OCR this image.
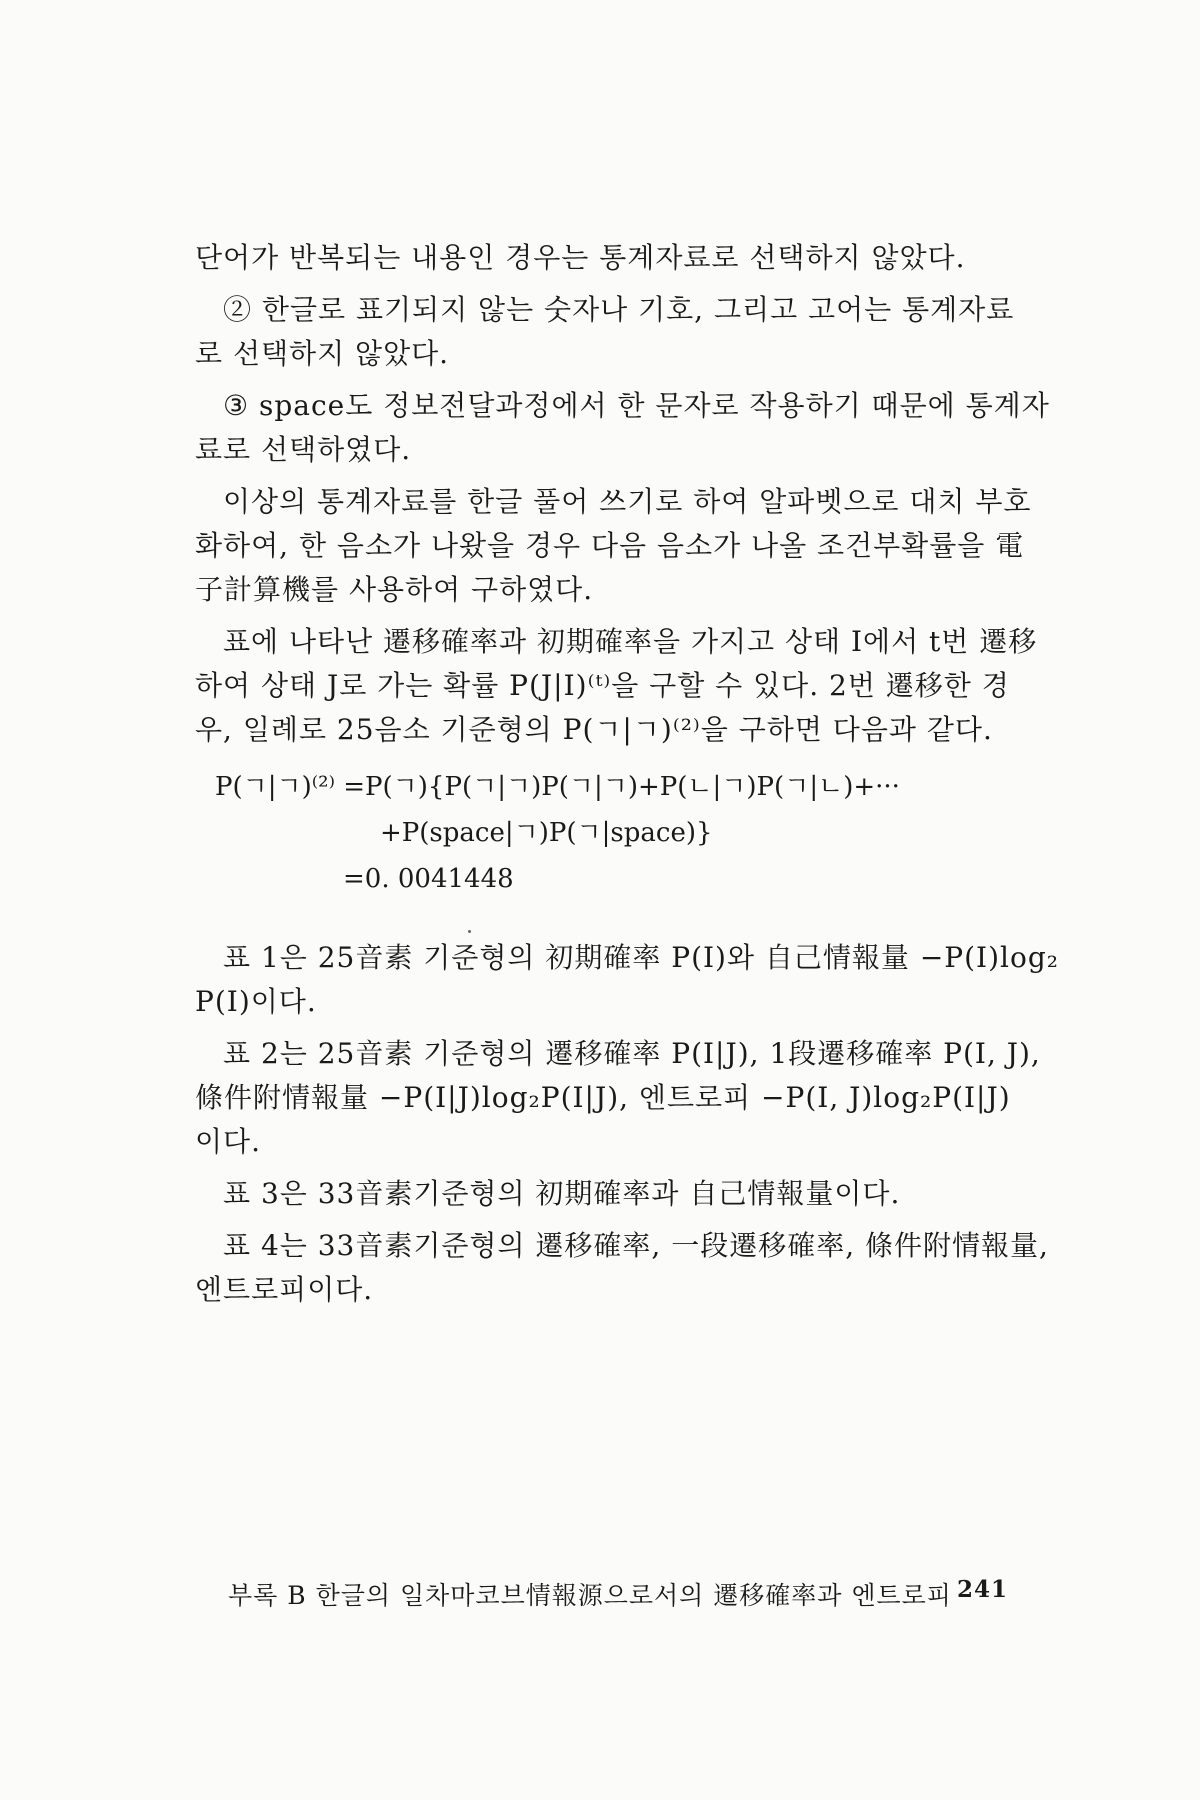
단어가 반복되는 내용인 경우는 통계자료로 선택하지 않았다.
② 한글로 표기되지 않는 숫자나 기호, 그리고 고어는 통계자료
로 선택하지 않았다.
③ space도 정보전달과정에서 한 문자로 작용하기 때문에 통계자
료로 선택하였다.
이상의 통계자료를 한글 풀어 쓰기로 하여 알파벳으로 대치 부호
화하여, 한 음소가 나왔을 경우 다음 음소가 나올 조건부확률을 電
子計算機를 사용하여 구하였다.
표에 나타난 遷移確率과 初期確率을 가지고 상태 I에서 t번 遷移
하여 상태 J로 가는 확률 P(J|I)⁽ᵗ⁾을 구할 수 있다. 2번 遷移한 경
우, 일례로 25음소 기준형의 P(ㄱ|ㄱ)⁽²⁾을 구하면 다음과 같다.
P(ㄱ|ㄱ)⁽²⁾ =P(ㄱ){P(ㄱ|ㄱ)P(ㄱ|ㄱ)+P(ㄴ|ㄱ)P(ㄱ|ㄴ)+···
+P(space|ㄱ)P(ㄱ|space)}
=0. 0041448
표 1은 25音素 기준형의 初期確率 P(I)와 自己情報量 −P(I)log₂
P(I)이다.
표 2는 25音素 기준형의 遷移確率 P(I|J), 1段遷移確率 P(I, J),
條件附情報量 −P(I|J)log₂P(I|J), 엔트로피 −P(I, J)log₂P(I|J)
이다.
표 3은 33音素기준형의 初期確率과 自己情報量이다.
표 4는 33音素기준형의 遷移確率, 一段遷移確率, 條件附情報量,
엔트로피이다.
부록 B 한글의 일차마코브情報源으로서의 遷移確率과 엔트로피 241
